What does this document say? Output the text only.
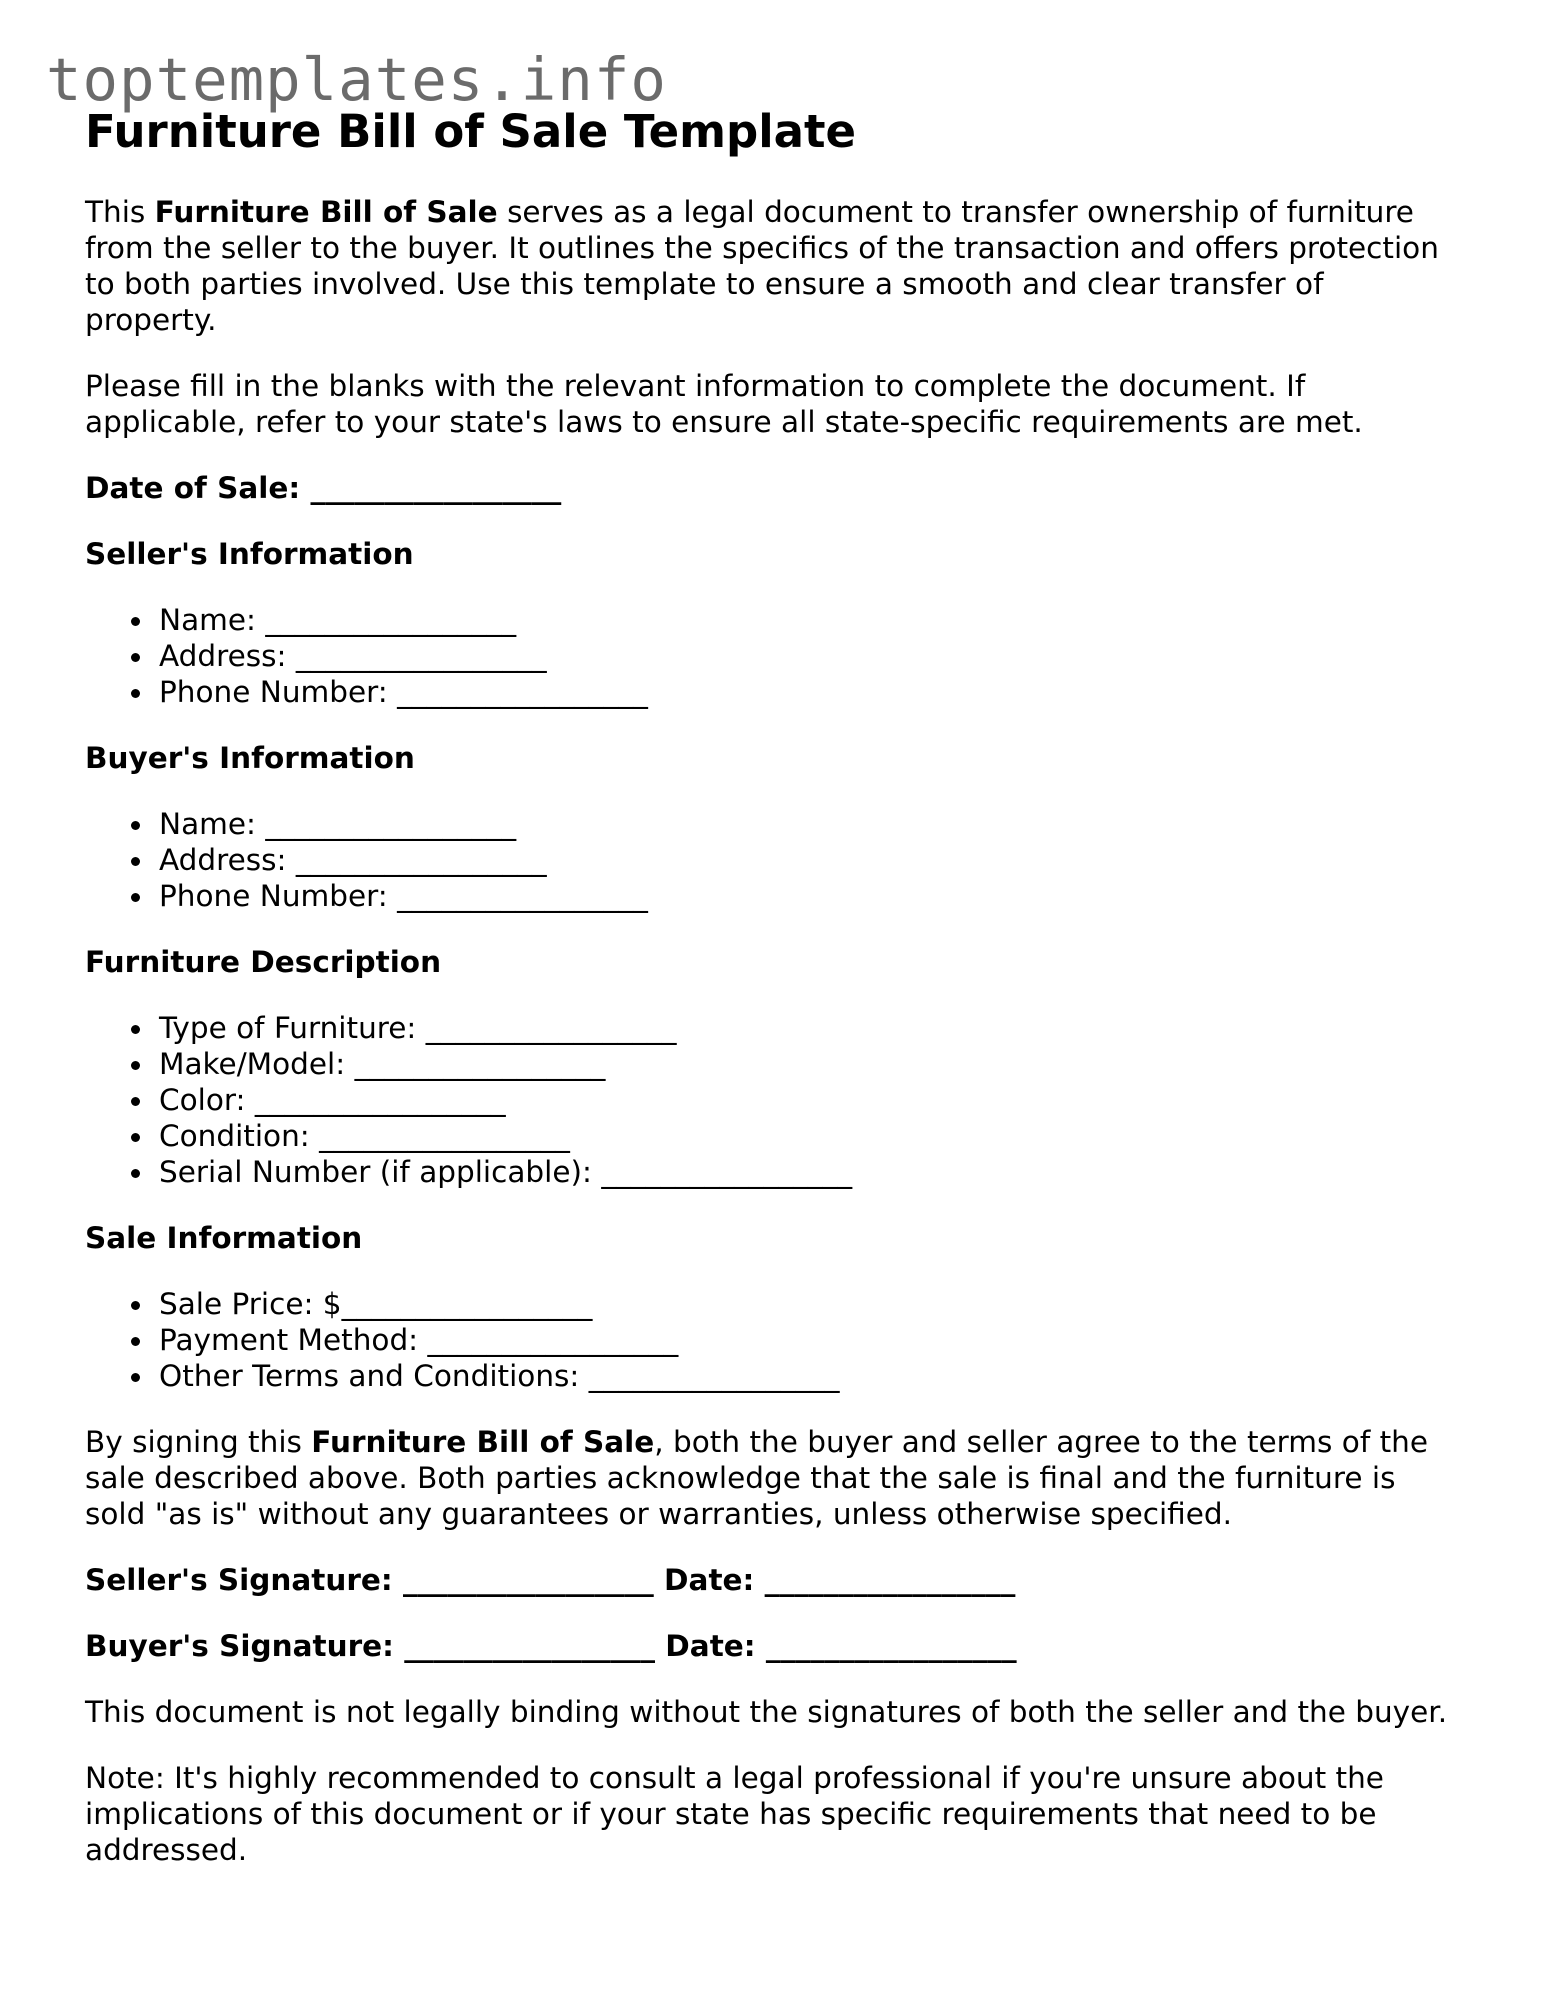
toptemplates.info
Furniture Bill of Sale Template

This Furniture Bill of Sale serves as a legal document to transfer ownership of furniture from the seller to the buyer. It outlines the specifics of the transaction and offers protection to both parties involved. Use this template to ensure a smooth and clear transfer of property.

Please fill in the blanks with the relevant information to complete the document. If applicable, refer to your state's laws to ensure all state-specific requirements are met.

Date of Sale: _________________

Seller's Information
Name: _________________
Address: _________________
Phone Number: _________________
Buyer's Information
Name: _________________
Address: _________________
Phone Number: _________________
Furniture Description
Type of Furniture: _________________
Make/Model: _________________
Color: _________________
Condition: _________________
Serial Number (if applicable): _________________
Sale Information
Sale Price: $_________________
Payment Method: _________________
Other Terms and Conditions: _________________

By signing this Furniture Bill of Sale, both the buyer and seller agree to the terms of the sale described above. Both parties acknowledge that the sale is final and the furniture is sold "as is" without any guarantees or warranties, unless otherwise specified.

Seller's Signature: _________________ Date: _________________

Buyer's Signature: _________________ Date: _________________

This document is not legally binding without the signatures of both the seller and the buyer.

Note: It's highly recommended to consult a legal professional if you're unsure about the implications of this document or if your state has specific requirements that need to be addressed.
